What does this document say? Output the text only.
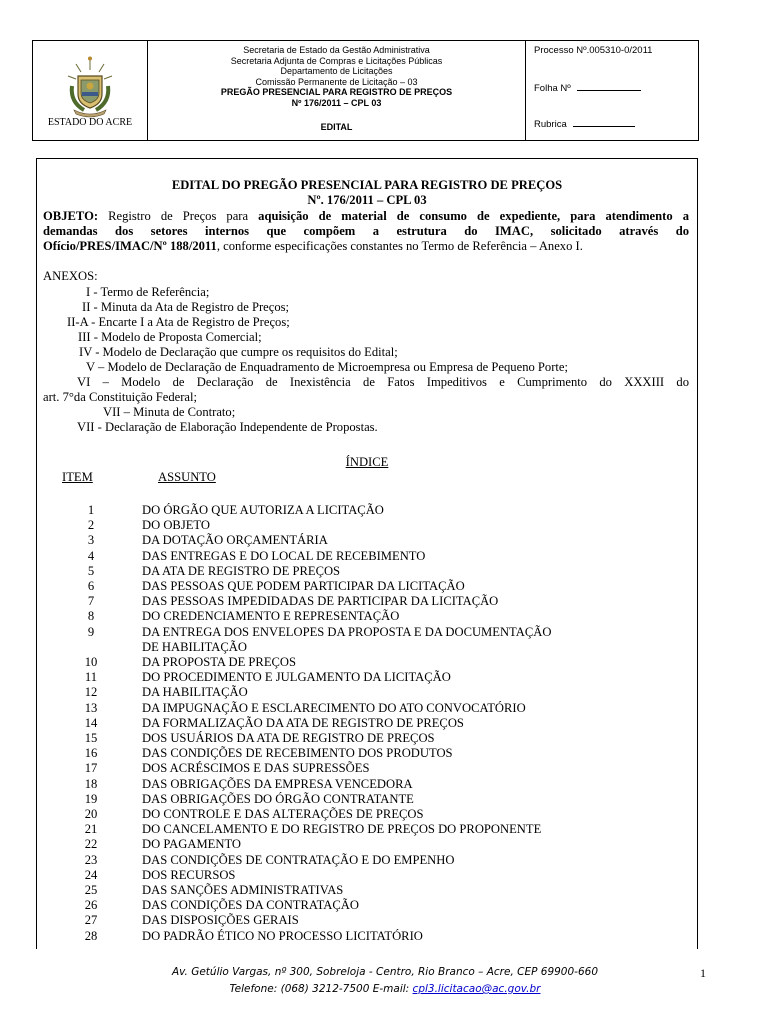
ESTADO DO ACRE
Secretaria de Estado da Gestão Administrativa
Secretaria Adjunta de Compras e Licitações Públicas
Departamento de Licitações
Comissão Permanente de Licitação – 03
PREGÃO PRESENCIAL PARA REGISTRO DE PREÇOS
Nº 176/2011 – CPL 03
EDITAL
Processo Nº.005310-0/2011
Folha Nº
Rubrica
EDITAL DO PREGÃO PRESENCIAL PARA REGISTRO DE PREÇOS
Nº. 176/2011 – CPL 03
OBJETO: Registro de Preços para aquisição de material de consumo de expediente, para atendimento a
demandas dos setores internos que compõem a estrutura do IMAC, solicitado através do
Ofício/PRES/IMAC/Nº 188/2011, conforme especificações constantes no Termo de Referência – Anexo I.
ANEXOS:
I - Termo de Referência;
II - Minuta da Ata de Registro de Preços;
II-A - Encarte I a Ata de Registro de Preços;
III - Modelo de Proposta Comercial;
IV - Modelo de Declaração que cumpre os requisitos do Edital;
V – Modelo de Declaração de Enquadramento de Microempresa ou Empresa de Pequeno Porte;
VI – Modelo de Declaração de Inexistência de Fatos Impeditivos e Cumprimento do XXXIII do
art. 7°da Constituição Federal;
VII – Minuta de Contrato;
VII - Declaração de Elaboração Independente de Propostas.
ÍNDICE
ITEM	ASSUNTO
1	DO ÓRGÃO QUE AUTORIZA A LICITAÇÃO
2	DO OBJETO
3	DA DOTAÇÃO ORÇAMENTÁRIA
4	DAS ENTREGAS E DO LOCAL DE RECEBIMENTO
5	DA ATA DE REGISTRO DE PREÇOS
6	DAS PESSOAS QUE PODEM PARTICIPAR DA LICITAÇÃO
7	DAS PESSOAS IMPEDIDADAS DE PARTICIPAR DA LICITAÇÃO
8	DO CREDENCIAMENTO E REPRESENTAÇÃO
9	DA ENTREGA DOS ENVELOPES DA PROPOSTA E DA DOCUMENTAÇÃO
DE HABILITAÇÃO
10	DA PROPOSTA DE PREÇOS
11	DO PROCEDIMENTO E JULGAMENTO DA LICITAÇÃO
12	DA HABILITAÇÃO
13	DA IMPUGNAÇÃO E ESCLARECIMENTO DO ATO CONVOCATÓRIO
14	DA FORMALIZAÇÃO DA ATA DE REGISTRO DE PREÇOS
15	DOS USUÁRIOS DA ATA DE REGISTRO DE PREÇOS
16	DAS CONDIÇÕES DE RECEBIMENTO DOS PRODUTOS
17	DOS ACRÉSCIMOS E DAS SUPRESSÕES
18	DAS OBRIGAÇÕES DA EMPRESA VENCEDORA
19	DAS OBRIGAÇÕES DO ÓRGÃO CONTRATANTE
20	DO CONTROLE E DAS ALTERAÇÕES DE PREÇOS
21	DO CANCELAMENTO E DO REGISTRO DE PREÇOS DO PROPONENTE
22	DO PAGAMENTO
23	DAS CONDIÇÕES DE CONTRATAÇÃO E DO EMPENHO
24	DOS RECURSOS
25	DAS SANÇÕES ADMINISTRATIVAS
26	DAS CONDIÇÕES DA CONTRATAÇÃO
27	DAS DISPOSIÇÕES GERAIS
28	DO PADRÃO ÉTICO NO PROCESSO LICITATÓRIO
Av. Getúlio Vargas, nº 300, Sobreloja - Centro, Rio Branco – Acre, CEP 69900-660
Telefone: (068) 3212-7500 E-mail: cpl3.licitacao@ac.gov.br
1
